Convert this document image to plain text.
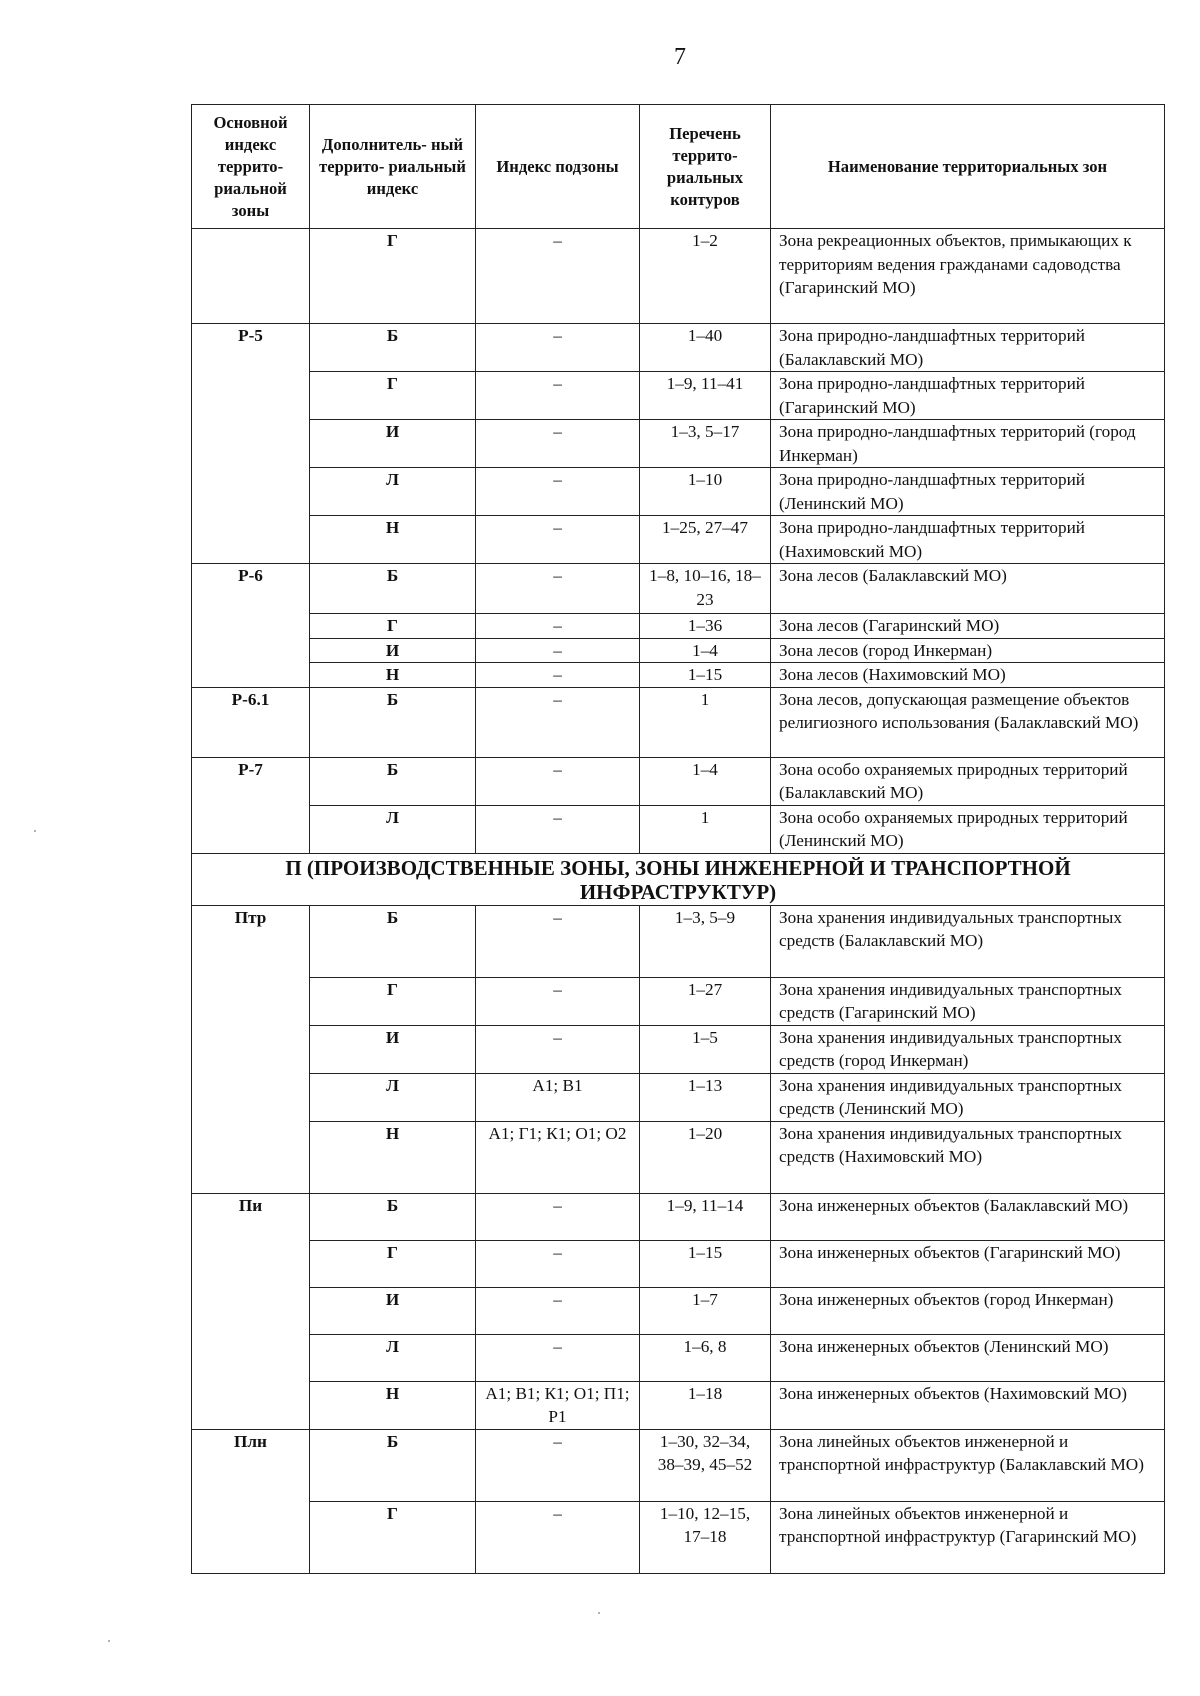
7
Основной индекс террито- риальной зоны	Дополнитель- ный террито- риальный индекс	Индекс подзоны	Перечень террито- риальных контуров	Наименование территориальных зон
	Г	–	1–2	Зона рекреационных объектов, примыкающих к территориям ведения гражданами садоводства (Гагаринский МО)
Р-5	Б	–	1–40	Зона природно-ландшафтных территорий (Балаклавский МО)
	Г	–	1–9, 11–41	Зона природно-ландшафтных территорий (Гагаринский МО)
	И	–	1–3, 5–17	Зона природно-ландшафтных территорий (город Инкерман)
	Л	–	1–10	Зона природно-ландшафтных территорий (Ленинский МО)
	Н	–	1–25, 27–47	Зона природно-ландшафтных территорий (Нахимовский МО)
Р-6	Б	–	1–8, 10–16, 18–23	Зона лесов (Балаклавский МО)
	Г	–	1–36	Зона лесов (Гагаринский МО)
	И	–	1–4	Зона лесов (город Инкерман)
	Н	–	1–15	Зона лесов (Нахимовский МО)
Р-6.1	Б	–	1	Зона лесов, допускающая размещение объектов религиозного использования (Балаклавский МО)
Р-7	Б	–	1–4	Зона особо охраняемых природных территорий (Балаклавский МО)
	Л	–	1	Зона особо охраняемых природных территорий (Ленинский МО)
П (ПРОИЗВОДСТВЕННЫЕ ЗОНЫ, ЗОНЫ ИНЖЕНЕРНОЙ И ТРАНСПОРТНОЙ ИНФРАСТРУКТУР)				
Птр	Б	–	1–3, 5–9	Зона хранения индивидуальных транспортных средств (Балаклавский МО)
	Г	–	1–27	Зона хранения индивидуальных транспортных средств (Гагаринский МО)
	И	–	1–5	Зона хранения индивидуальных транспортных средств (город Инкерман)
	Л	А1; В1	1–13	Зона хранения индивидуальных транспортных средств (Ленинский МО)
	Н	А1; Г1; К1; О1; О2	1–20	Зона хранения индивидуальных транспортных средств (Нахимовский МО)
Пи	Б	–	1–9, 11–14	Зона инженерных объектов (Балаклавский МО)
	Г	–	1–15	Зона инженерных объектов (Гагаринский МО)
	И	–	1–7	Зона инженерных объектов (город Инкерман)
	Л	–	1–6, 8	Зона инженерных объектов (Ленинский МО)
	Н	А1; В1; К1; О1; П1; Р1	1–18	Зона инженерных объектов (Нахимовский МО)
Плн	Б	–	1–30, 32–34, 38–39, 45–52	Зона линейных объектов инженерной и транспортной инфраструктур (Балаклавский МО)
	Г	–	1–10, 12–15, 17–18	Зона линейных объектов инженерной и транспортной инфраструктур (Гагаринский МО)
